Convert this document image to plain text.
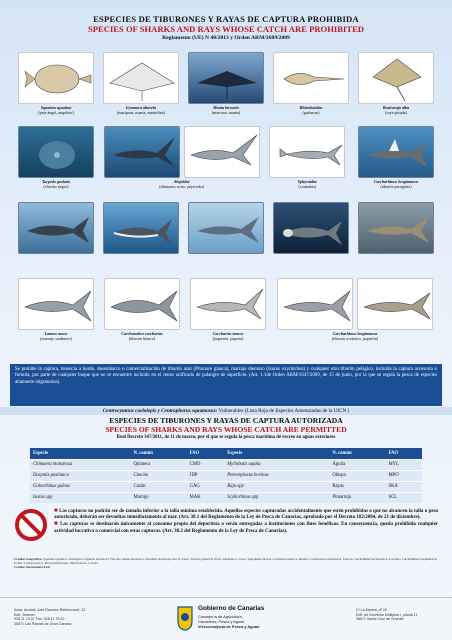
ESPECIES DE TIBURONES Y RAYAS DE CAPTURA PROHIBIDA
SPECIES OF SHARKS AND RAYS WHOSE CATCH ARE PROHIBITED
Reglamento (UE) N 40/2013 y Orden ARM/2689/2009
Squatina squatina
(peje ángel, angelote)
Gymnura altavela
(mariposa, manta, mantelina)
Manta birostris
(marrona, manta)
Rhinobatidae
(guitarras)
Rostroraja alba
(raya picuda)
Torpedo grabata
(chucho negro)
Alopiidae
(tiburones zorro, pejerrabo)
Sphyrnidae
(cornudas)
Carcharhinus longimanus
(tiburón peregrino)
Lamna nasus
(marrajo sardinero)
Carcharodon carcharias
(tiburón blanco)
Carcharias taurus
(jaquetón, jaqueta)
Carcharhinus longimanus
(tiburón oceánico, jaquetón)
Se prohíbe la captura, tenencia a bordo, desembarco o comercialización de tiburón azul (Prionace glauca), marrajo dientuso (Isurus oxyrinchus) y cualquier otro tiburón pelágico, incluida la captura accesoria o fortuita, por parte de cualquier buque que no se encuentre incluido en el censo unificado de palangre de superficie. (Art. 1.1de Orden ARM/1647/2009, de 15 de junio, por la que se regula la pesca de especies altamente migratorias).
Centrocymnus coelolepis y Centrophorus squamosus: Vulnerables (Lista Roja de Especies Amenazadas de la UICN )
ESPECIES DE TIBURONES Y RAYAS DE CAPTURA AUTORIZADA
SPECIES OF SHARKS AND RAYS WHOSE CATCH ARE PERMITTED
Real Decreto 347/2011, de 11 de marzo, por el que se regula la pesca marítima de recreo en aguas exteriores
Especie	N. común	FAO	Especie	N. común	FAO
Chimaera monstrosa	Quimera	CMO	Myliobatis aquila	Águila	MYL
Dasyatis pastinaca	Chucho	JDP	Pteromylaeus bovinus	Obispo	MPO
Galeorhinus galeus	Cazón	GAG	Raja spp	Rayas	SKA
Isurus spp	Marrajo	MAK	Scyliorhinus spp	Pintarroja	SCL
■ Las capturas no podrán ser de tamaño inferior a la talla mínima establecida. Aquellas especies capturadas accidentalmente que estén prohibidas o que no alcancen la talla o peso autorizado, deberán ser devueltas inmediatamente al mar. (Art. 38.1 del Reglamento de la Ley de Pesca de Canarias, aprobado por el Decreto 182/2004, de 21 de diciembre).
■ Las capturas se destinarán únicamente al consumo propio del deportista o serán entregadas a instituciones con fines benéficos. En consecuencia, queda prohibida cualquier actividad lucrativa o comercial con estas capturas. (Art. 38.2 del Reglamento de la Ley de Pesca de Canarias).
Créditos fotográficos: Squatina squatina J. Rodriguez. Gymnura altavela D. Fracchia. Manta birostris A. Marshall. Rostroraja alba N. Sousa. Torpedo grabata P. Wirtz. Alopiidae S. Cleve. Sphyrnidae NOAA. Carcharias taurus A. Marelli. Carcharodon carcharias R. Esteves. Carcharhinus falciformis A. Carvalho. Carcharhinus longimanus R. Gomes. Lamna nasus S. Motoyama/Oceana. Illustraciones: I. Iraola.
Créditos ilustraciones:FAO
Avda. Alcalde José Ramírez Bethencourt, 22
Edif. Jedeser
928 11 74 07 Fax: 928 11 79 92
35071 Las Palmas de Gran Canaria
Gobierno de Canarias
Consejería de Agricultura,
Ganadería, Pesca y Aguas
Viceconsejería de Pesca y Aguas
C/ La Marina, nº 26
Edif. de Servicios Múltiples I, planta 11
38071 Santa Cruz de Tenerife
